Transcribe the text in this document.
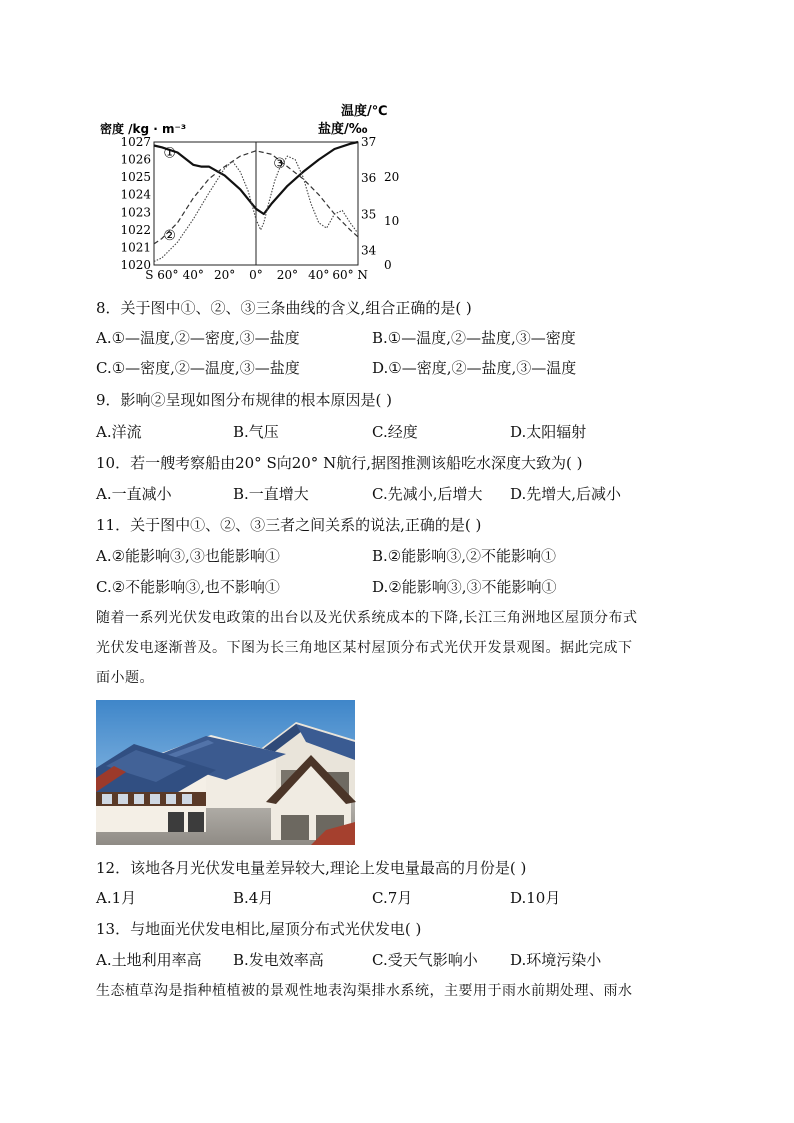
温度/℃
密度 /kg · m⁻³	盐度/‰
1027
1026
1025
1024
1023
1022
1021
1020
37
36
35
34
20
10
0
S 60° 40° 20° 0° 20° 40° 60° N
①
②
③
8．关于图中①、②、③三条曲线的含义,组合正确的是( )
A.①—温度,②—密度,③—盐度	B.①—温度,②—盐度,③—密度
C.①—密度,②—温度,③—盐度	D.①—密度,②—盐度,③—温度
9．影响②呈现如图分布规律的根本原因是( )
A.洋流	B.气压	C.经度	D.太阳辐射
10．若一艘考察船由20° S向20° N航行,据图推测该船吃水深度大致为( )
A.一直减小	B.一直增大	C.先减小,后增大 D.先增大,后减小
11．关于图中①、②、③三者之间关系的说法,正确的是( )
A.②能影响③,③也能影响①	B.②能影响③,②不能影响①
C.②不能影响③,也不影响①	D.②能影响③,③不能影响①
随着一系列光伏发电政策的出台以及光伏系统成本的下降,长江三角洲地区屋顶分布式
光伏发电逐渐普及。下图为长三角地区某村屋顶分布式光伏开发景观图。据此完成下
面小题。
12．该地各月光伏发电量差异较大,理论上发电量最高的月份是( )
A.1月	B.4月	C.7月	D.10月
13．与地面光伏发电相比,屋顶分布式光伏发电( )
A.土地利用率高 B.发电效率高	C.受天气影响小 D.环境污染小
生态植草沟是指种植植被的景观性地表沟渠排水系统，主要用于雨水前期处理、雨水
